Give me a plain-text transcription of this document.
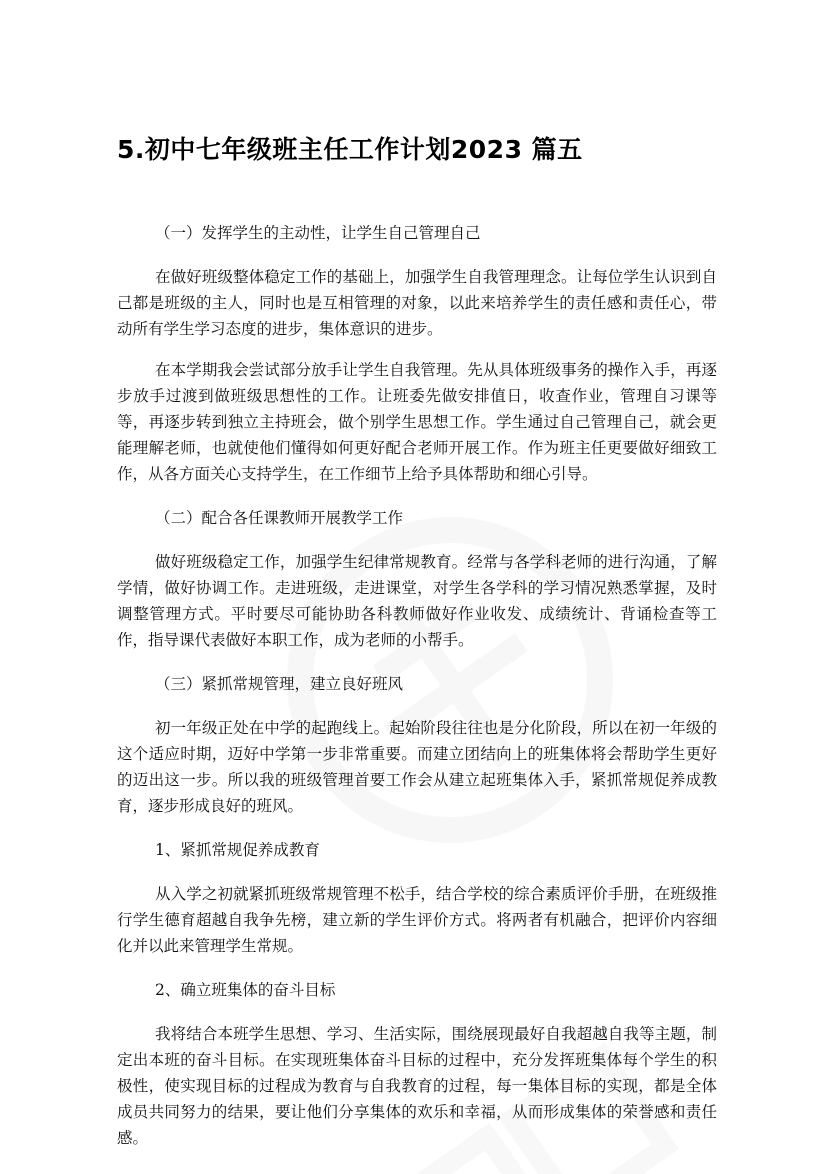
5.初中七年级班主任工作计划2023 篇五

（一）发挥学生的主动性，让学生自己管理自己

在做好班级整体稳定工作的基础上，加强学生自我管理理念。让每位学生认识到自己都是班级的主人，同时也是互相管理的对象，以此来培养学生的责任感和责任心，带动所有学生学习态度的进步，集体意识的进步。

在本学期我会尝试部分放手让学生自我管理。先从具体班级事务的操作入手，再逐步放手过渡到做班级思想性的工作。让班委先做安排值日，收查作业，管理自习课等等，再逐步转到独立主持班会，做个别学生思想工作。学生通过自己管理自己，就会更能理解老师，也就使他们懂得如何更好配合老师开展工作。作为班主任更要做好细致工作，从各方面关心支持学生，在工作细节上给予具体帮助和细心引导。

（二）配合各任课教师开展教学工作

做好班级稳定工作，加强学生纪律常规教育。经常与各学科老师的进行沟通，了解学情，做好协调工作。走进班级，走进课堂，对学生各学科的学习情况熟悉掌握，及时调整管理方式。平时要尽可能协助各科教师做好作业收发、成绩统计、背诵检查等工作，指导课代表做好本职工作，成为老师的小帮手。

（三）紧抓常规管理，建立良好班风

初一年级正处在中学的起跑线上。起始阶段往往也是分化阶段，所以在初一年级的这个适应时期，迈好中学第一步非常重要。而建立团结向上的班集体将会帮助学生更好的迈出这一步。所以我的班级管理首要工作会从建立起班集体入手，紧抓常规促养成教育，逐步形成良好的班风。

1、紧抓常规促养成教育

从入学之初就紧抓班级常规管理不松手，结合学校的综合素质评价手册，在班级推行学生德育超越自我争先榜，建立新的学生评价方式。将两者有机融合，把评价内容细化并以此来管理学生常规。

2、确立班集体的奋斗目标

我将结合本班学生思想、学习、生活实际，围绕展现最好自我超越自我等主题，制定出本班的奋斗目标。在实现班集体奋斗目标的过程中，充分发挥班集体每个学生的积极性，使实现目标的过程成为教育与自我教育的过程，每一集体目标的实现，都是全体成员共同努力的结果，要让他们分享集体的欢乐和幸福，从而形成集体的荣誉感和责任感。
